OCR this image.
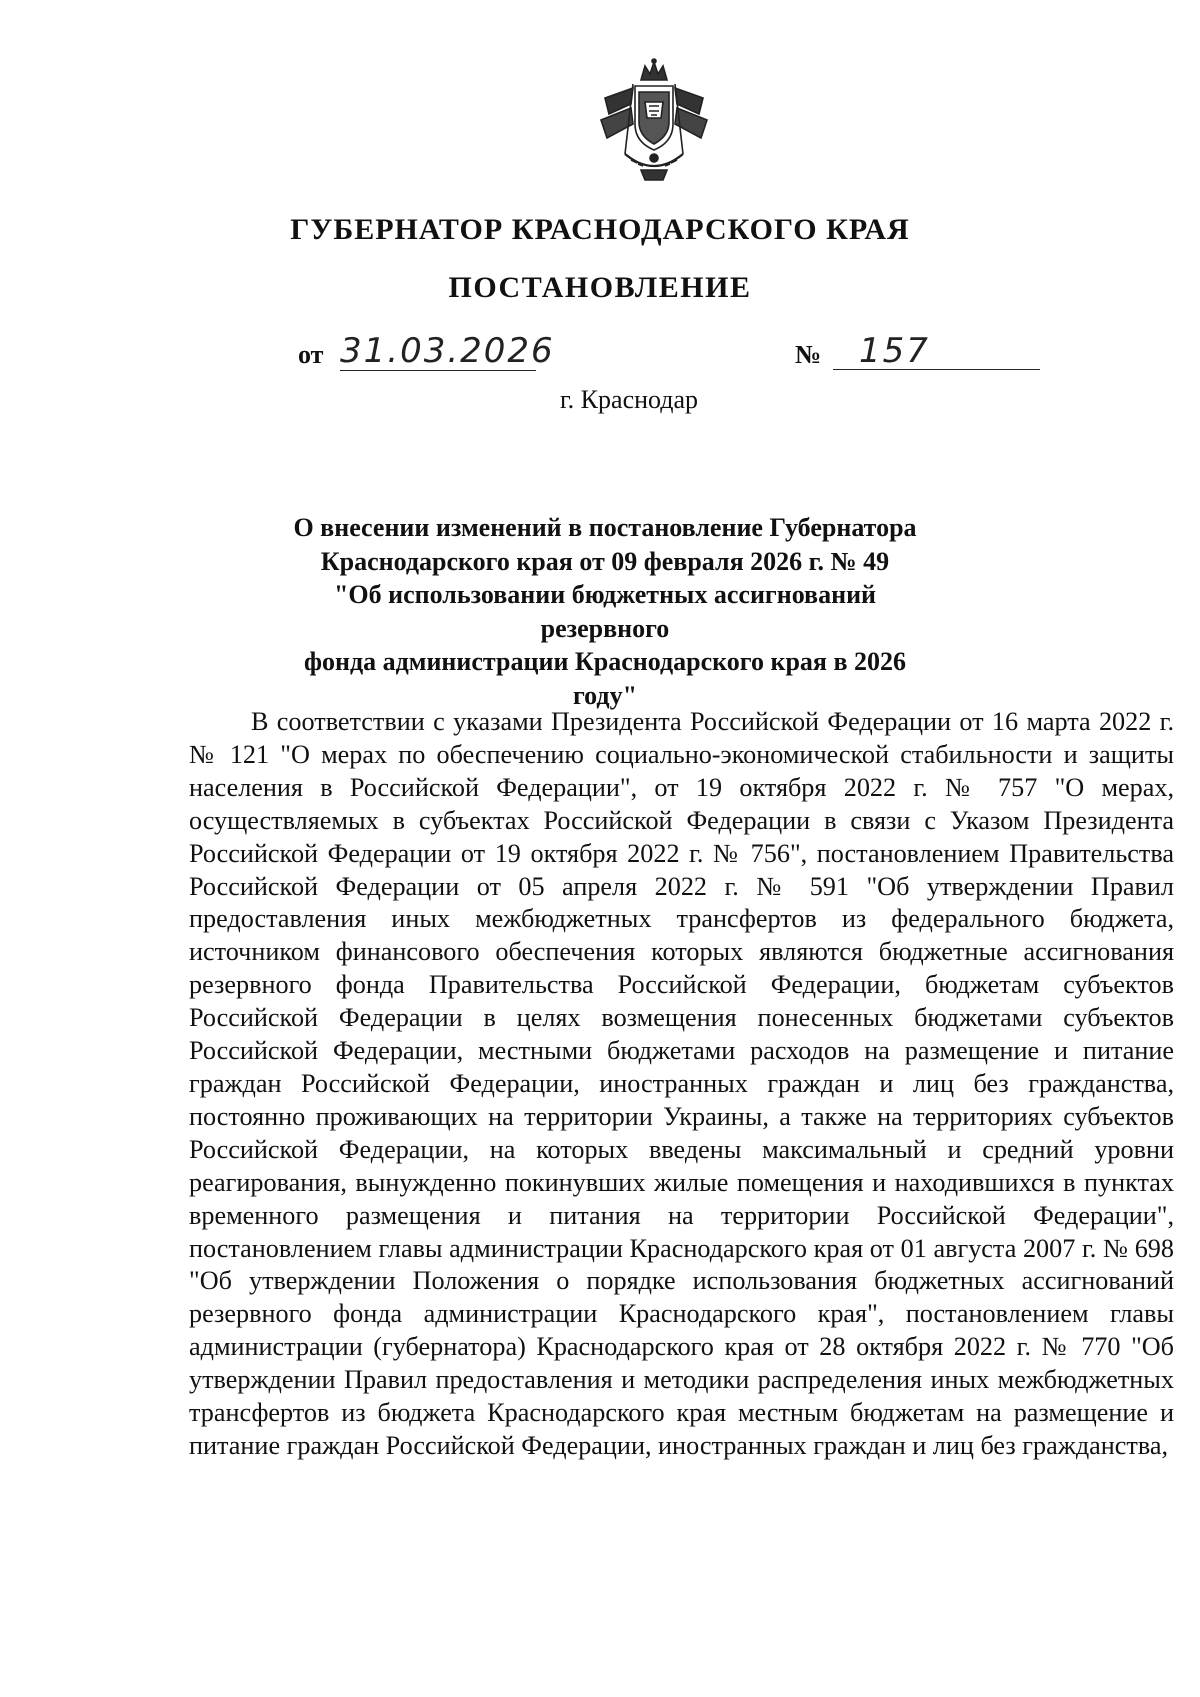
ГУБЕРНАТОР КРАСНОДАРСКОГО КРАЯ
ПОСТАНОВЛЕНИЕ
от 31.03.2026	№	157
г. Краснодар
О внесении изменений в постановление Губернатора
Краснодарского края от 09 февраля 2026 г. № 49
"Об использовании бюджетных ассигнований резервного
фонда администрации Краснодарского края в 2026 году"

В соответствии с указами Президента Российской Федерации от 16 марта 2022 г. № 121 "О мерах по обеспечению социально-экономической стабильности и защиты населения в Российской Федерации", от 19 октября 2022 г. № 757 "О мерах, осуществляемых в субъектах Российской Федерации в связи с Указом Президента Российской Федерации от 19 октября 2022 г. № 756", постановлением Правительства Российской Федерации от 05 апреля 2022 г. № 591 "Об утверждении Правил предоставления иных межбюджетных трансфертов из федерального бюджета, источником финансового обеспечения которых являются бюджетные ассигнования резервного фонда Правительства Российской Федерации, бюджетам субъектов Российской Федерации в целях возмещения понесенных бюджетами субъектов Российской Федерации, местными бюджетами расходов на размещение и питание граждан Российской Федерации, иностранных граждан и лиц без гражданства, постоянно проживающих на территории Украины, а также на территориях субъектов Российской Федерации, на которых введены максимальный и средний уровни реагирования, вынужденно покинувших жилые помещения и находившихся в пунктах временного размещения и питания на территории Российской Федерации", постановлением главы администрации Краснодарского края от 01 августа 2007 г. № 698 "Об утверждении Положения о порядке использования бюджетных ассигнований резервного фонда администрации Краснодарского края", постановлением главы администрации (губернатора) Краснодарского края от 28 октября 2022 г. № 770 "Об утверждении Правил предоставления и методики распределения иных межбюджетных трансфертов из бюджета Краснодарского края местным бюджетам на размещение и питание граждан Российской Федерации, иностранных граждан и лиц без гражданства,
